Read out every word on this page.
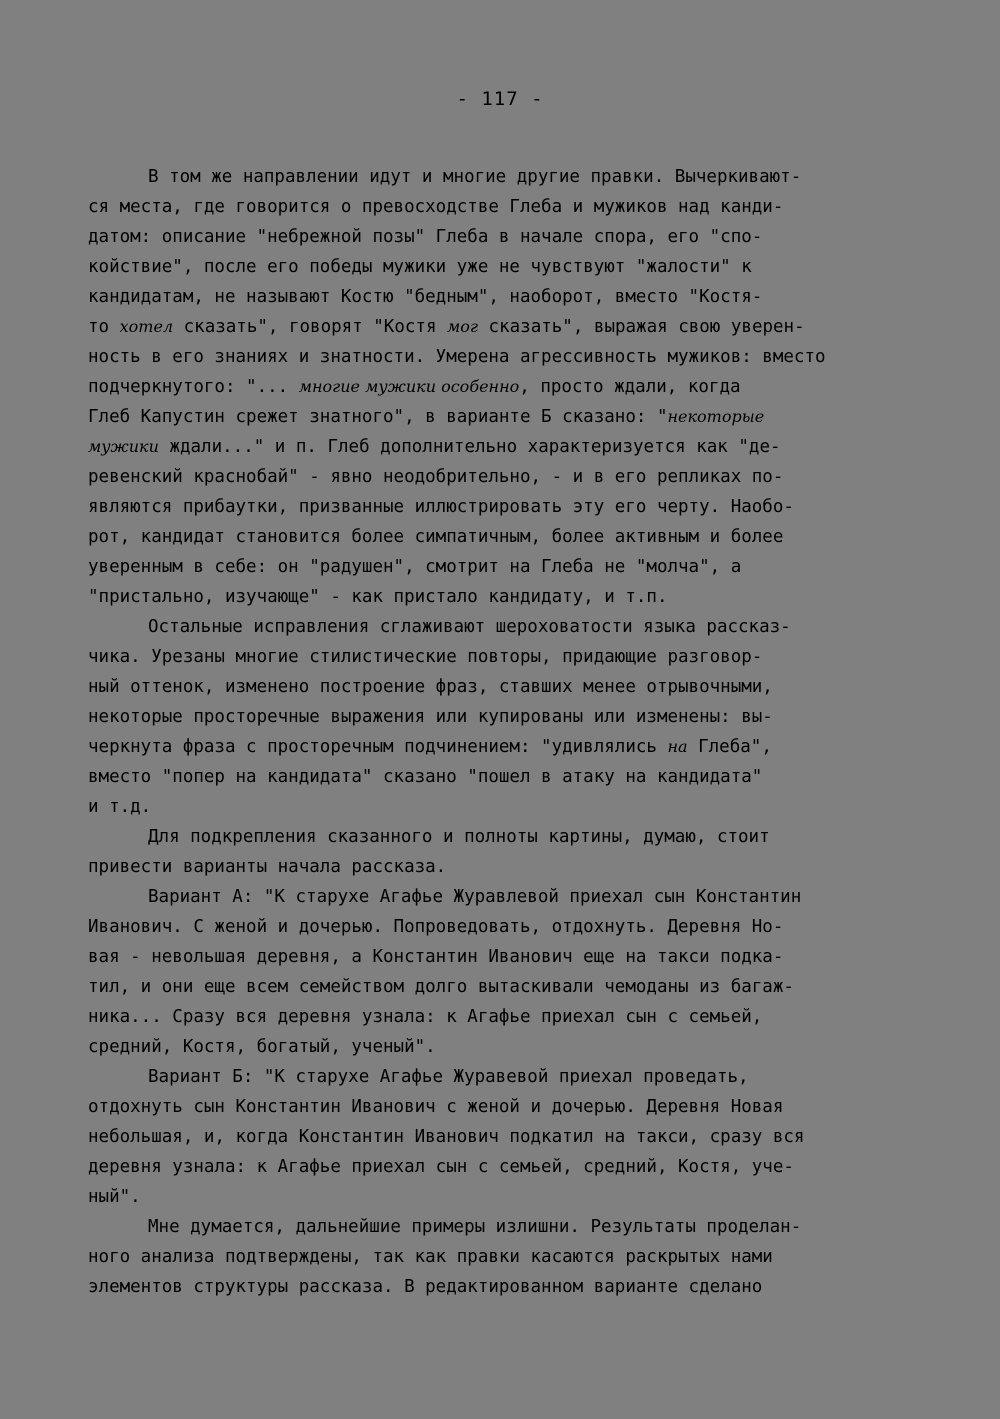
- 117 -
В том же направлении идут и многие другие правки. Вычеркивают-
ся места, где говорится о превосходстве Глеба и мужиков над канди-
датом: описание "небрежной позы" Глеба в начале спора, его "спо-
койствие", после его победы мужики уже не чувствуют "жалости" к
кандидатам, не называют Костю "бедным", наоборот, вместо "Костя-
то хотел сказать", говорят "Костя мог сказать", выражая свою уверен-
ность в его знаниях и знатности. Умерена агрессивность мужиков: вместо
подчеркнутого: "... многие мужики особенно, просто ждали, когда
Глеб Капустин срежет знатного", в варианте Б сказано: "некоторые
мужики ждали..." и п. Глеб дополнительно характеризуется как "де-
ревенский краснобай" - явно неодобрительно, - и в его репликах по-
являются прибаутки, призванные иллюстрировать эту его черту. Наобо-
рот, кандидат становится более симпатичным, более активным и более
уверенным в себе: он "радушен", смотрит на Глеба не "молча", а
"пристально, изучающе" - как пристало кандидату, и т.п.
Остальные исправления сглаживают шероховатости языка рассказ-
чика. Урезаны многие стилистические повторы, придающие разговор-
ный оттенок, изменено построение фраз, ставших менее отрывочными,
некоторые просторечные выражения или купированы или изменены: вы-
черкнута фраза с просторечным подчинением: "удивлялись на Глеба",
вместо "попер на кандидата" сказано "пошел в атаку на кандидата"
и т.д.
Для подкрепления сказанного и полноты картины, думаю, стоит
привести варианты начала рассказа.
Вариант А: "К старухе Агафье Журавлевой приехал сын Константин
Иванович. С женой и дочерью. Попроведовать, отдохнуть. Деревня Но-
вая - невольшая деревня, а Константин Иванович еще на такси подка-
тил, и они еще всем семейством долго вытаскивали чемоданы из багаж-
ника... Сразу вся деревня узнала: к Агафье приехал сын с семьей,
средний, Костя, богатый, ученый".
Вариант Б: "К старухе Агафье Журавевой приехал проведать,
отдохнуть сын Константин Иванович с женой и дочерью. Деревня Новая
небольшая, и, когда Константин Иванович подкатил на такси, сразу вся
деревня узнала: к Агафье приехал сын с семьей, средний, Костя, уче-
ный".
Мне думается, дальнейшие примеры излишни. Результаты проделан-
ного анализа подтверждены, так как правки касаются раскрытых нами
элементов структуры рассказа. В редактированном варианте сделано
